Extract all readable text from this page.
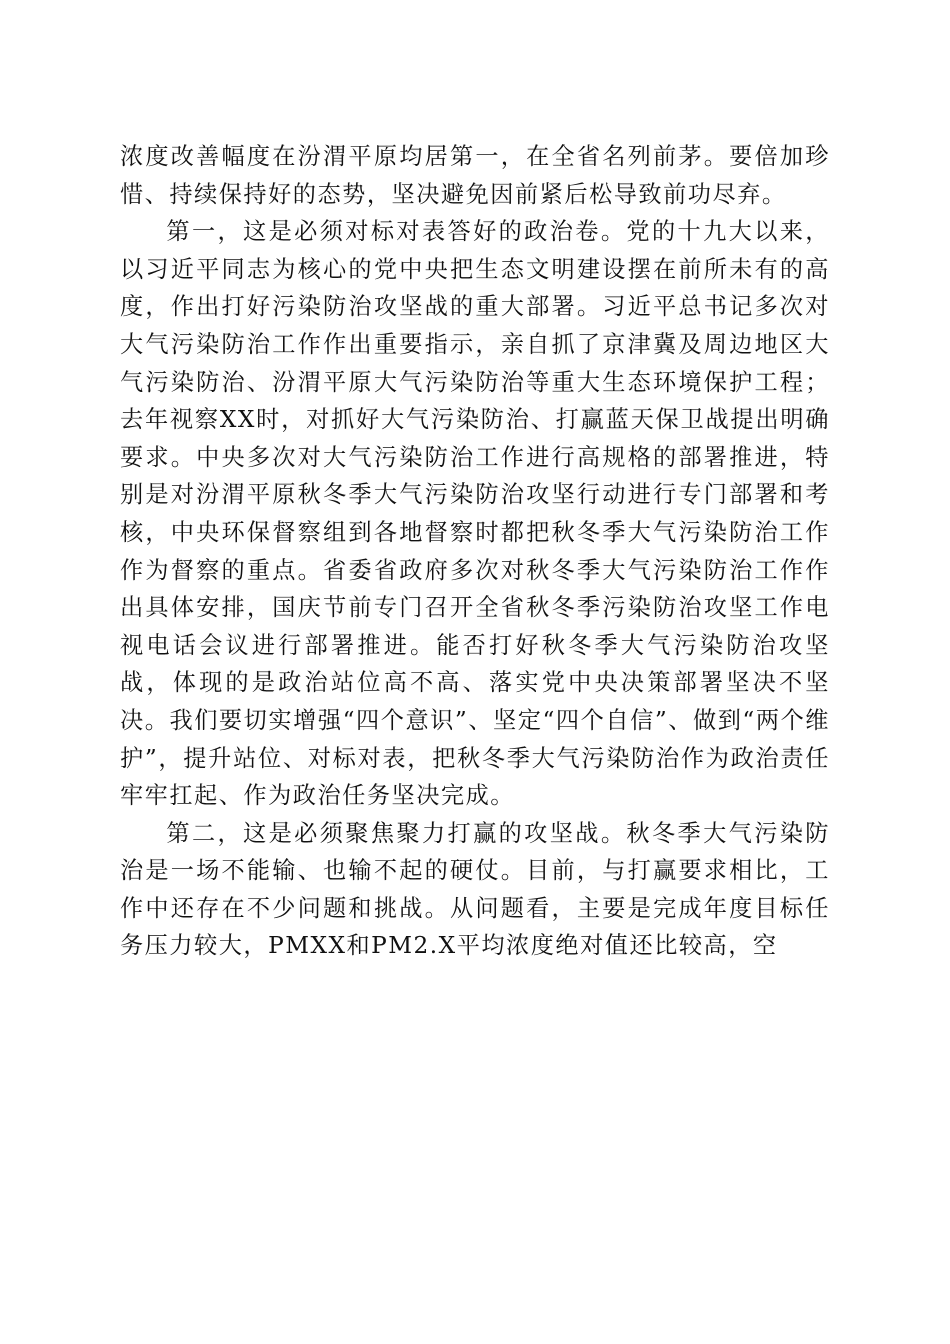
浓度改善幅度在汾渭平原均居第一，在全省名列前茅。要倍加珍惜、持续保持好的态势，坚决避免因前紧后松导致前功尽弃。

第一，这是必须对标对表答好的政治卷。党的十九大以来，以习近平同志为核心的党中央把生态文明建设摆在前所未有的高度，作出打好污染防治攻坚战的重大部署。习近平总书记多次对大气污染防治工作作出重要指示，亲自抓了京津冀及周边地区大气污染防治、汾渭平原大气污染防治等重大生态环境保护工程；去年视察XX时，对抓好大气污染防治、打赢蓝天保卫战提出明确要求。中央多次对大气污染防治工作进行高规格的部署推进，特别是对汾渭平原秋冬季大气污染防治攻坚行动进行专门部署和考核，中央环保督察组到各地督察时都把秋冬季大气污染防治工作作为督察的重点。省委省政府多次对秋冬季大气污染防治工作作出具体安排，国庆节前专门召开全省秋冬季污染防治攻坚工作电视电话会议进行部署推进。能否打好秋冬季大气污染防治攻坚战，体现的是政治站位高不高、落实党中央决策部署坚决不坚决。我们要切实增强“四个意识”、坚定“四个自信”、做到“两个维护”，提升站位、对标对表，把秋冬季大气污染防治作为政治责任牢牢扛起、作为政治任务坚决完成。

第二，这是必须聚焦聚力打赢的攻坚战。秋冬季大气污染防治是一场不能输、也输不起的硬仗。目前，与打赢要求相比，工作中还存在不少问题和挑战。从问题看，主要是完成年度目标任务压力较大，PMXX和PM2.X平均浓度绝对值还比较高，空
